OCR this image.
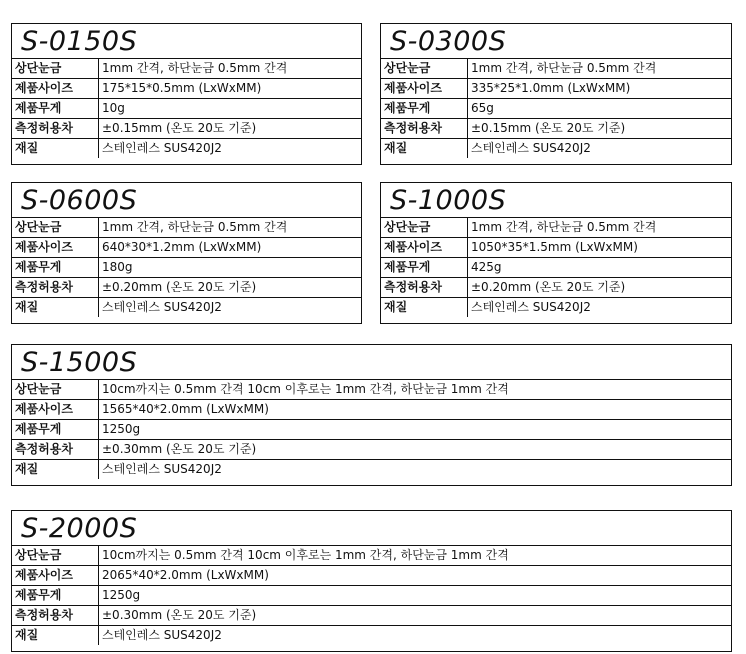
S-0150S
상단눈금	1mm 간격, 하단눈금 0.5mm 간격
제품사이즈	175*15*0.5mm (LxWxMM)
제품무게	10g
측정허용차	±0.15mm (온도 20도 기준)
재질	스테인레스 SUS420J2
S-0300S
상단눈금	1mm 간격, 하단눈금 0.5mm 간격
제품사이즈	335*25*1.0mm (LxWxMM)
제품무게	65g
측정허용차	±0.15mm (온도 20도 기준)
재질	스테인레스 SUS420J2
S-0600S
상단눈금	1mm 간격, 하단눈금 0.5mm 간격
제품사이즈	640*30*1.2mm (LxWxMM)
제품무게	180g
측정허용차	±0.20mm (온도 20도 기준)
재질	스테인레스 SUS420J2
S-1000S
상단눈금	1mm 간격, 하단눈금 0.5mm 간격
제품사이즈	1050*35*1.5mm (LxWxMM)
제품무게	425g
측정허용차	±0.20mm (온도 20도 기준)
재질	스테인레스 SUS420J2
S-1500S
상단눈금	10cm까지는 0.5mm 간격 10cm 이후로는 1mm 간격, 하단눈금 1mm 간격
제품사이즈	1565*40*2.0mm (LxWxMM)
제품무게	1250g
측정허용차	±0.30mm (온도 20도 기준)
재질	스테인레스 SUS420J2
S-2000S
상단눈금	10cm까지는 0.5mm 간격 10cm 이후로는 1mm 간격, 하단눈금 1mm 간격
제품사이즈	2065*40*2.0mm (LxWxMM)
제품무게	1250g
측정허용차	±0.30mm (온도 20도 기준)
재질	스테인레스 SUS420J2
